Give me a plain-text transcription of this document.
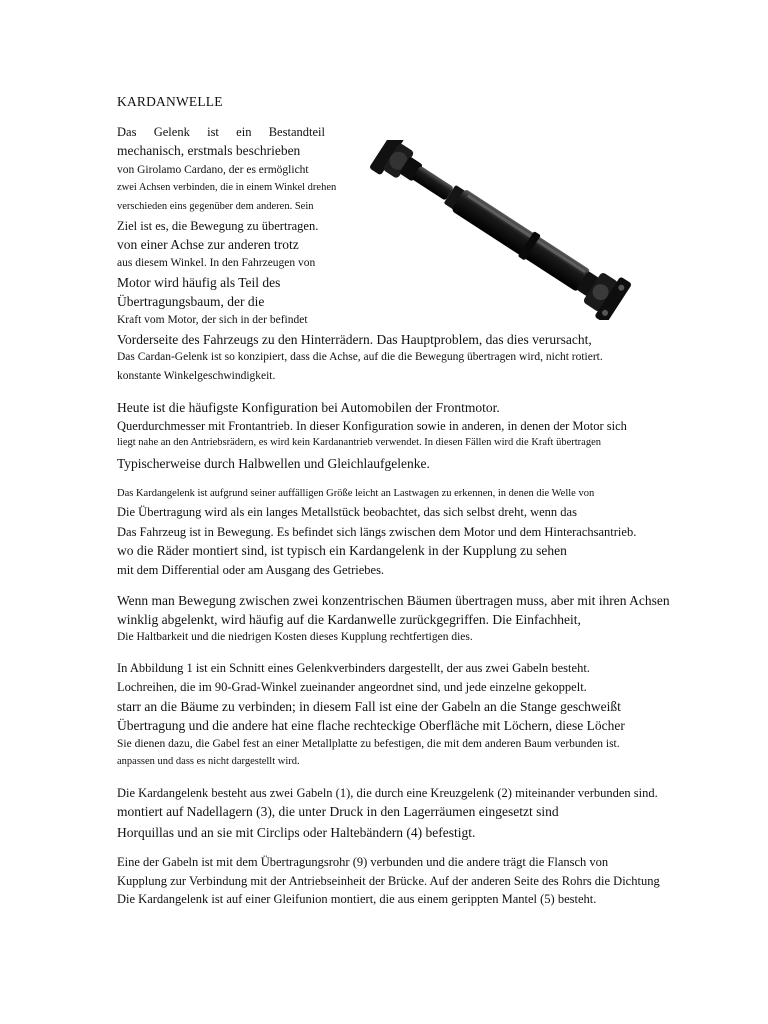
KARDANWELLE
Das Gelenk ist ein Bestandteil
mechanisch, erstmals beschrieben
von Girolamo Cardano, der es ermöglicht
zwei Achsen verbinden, die in einem Winkel drehen
verschieden eins gegenüber dem anderen. Sein
Ziel ist es, die Bewegung zu übertragen.
von einer Achse zur anderen trotz
aus diesem Winkel. In den Fahrzeugen von
Motor wird häufig als Teil des
Übertragungsbaum, der die
Kraft vom Motor, der sich in der befindet
Vorderseite des Fahrzeugs zu den Hinterrädern. Das Hauptproblem, das dies verursacht,
Das Cardan-Gelenk ist so konzipiert, dass die Achse, auf die die Bewegung übertragen wird, nicht rotiert.
konstante Winkelgeschwindigkeit.
Heute ist die häufigste Konfiguration bei Automobilen der Frontmotor.
Querdurchmesser mit Frontantrieb. In dieser Konfiguration sowie in anderen, in denen der Motor sich
liegt nahe an den Antriebsrädern, es wird kein Kardanantrieb verwendet. In diesen Fällen wird die Kraft übertragen
Typischerweise durch Halbwellen und Gleichlaufgelenke.
Das Kardangelenk ist aufgrund seiner auffälligen Größe leicht an Lastwagen zu erkennen, in denen die Welle von
Die Übertragung wird als ein langes Metallstück beobachtet, das sich selbst dreht, wenn das
Das Fahrzeug ist in Bewegung. Es befindet sich längs zwischen dem Motor und dem Hinterachsantrieb.
wo die Räder montiert sind, ist typisch ein Kardangelenk in der Kupplung zu sehen
mit dem Differential oder am Ausgang des Getriebes.
Wenn man Bewegung zwischen zwei konzentrischen Bäumen übertragen muss, aber mit ihren Achsen
winklig abgelenkt, wird häufig auf die Kardanwelle zurückgegriffen. Die Einfachheit,
Die Haltbarkeit und die niedrigen Kosten dieses Kupplung rechtfertigen dies.
In Abbildung 1 ist ein Schnitt eines Gelenkverbinders dargestellt, der aus zwei Gabeln besteht.
Lochreihen, die im 90-Grad-Winkel zueinander angeordnet sind, und jede einzelne gekoppelt.
starr an die Bäume zu verbinden; in diesem Fall ist eine der Gabeln an die Stange geschweißt
Übertragung und die andere hat eine flache rechteckige Oberfläche mit Löchern, diese Löcher
Sie dienen dazu, die Gabel fest an einer Metallplatte zu befestigen, die mit dem anderen Baum verbunden ist.
anpassen und dass es nicht dargestellt wird.
Die Kardangelenk besteht aus zwei Gabeln (1), die durch eine Kreuzgelenk (2) miteinander verbunden sind.
montiert auf Nadellagern (3), die unter Druck in den Lagerräumen eingesetzt sind
Horquillas und an sie mit Circlips oder Haltebändern (4) befestigt.
Eine der Gabeln ist mit dem Übertragungsrohr (9) verbunden und die andere trägt die Flansch von
Kupplung zur Verbindung mit der Antriebseinheit der Brücke. Auf der anderen Seite des Rohrs die Dichtung
Die Kardangelenk ist auf einer Gleifunion montiert, die aus einem gerippten Mantel (5) besteht.
